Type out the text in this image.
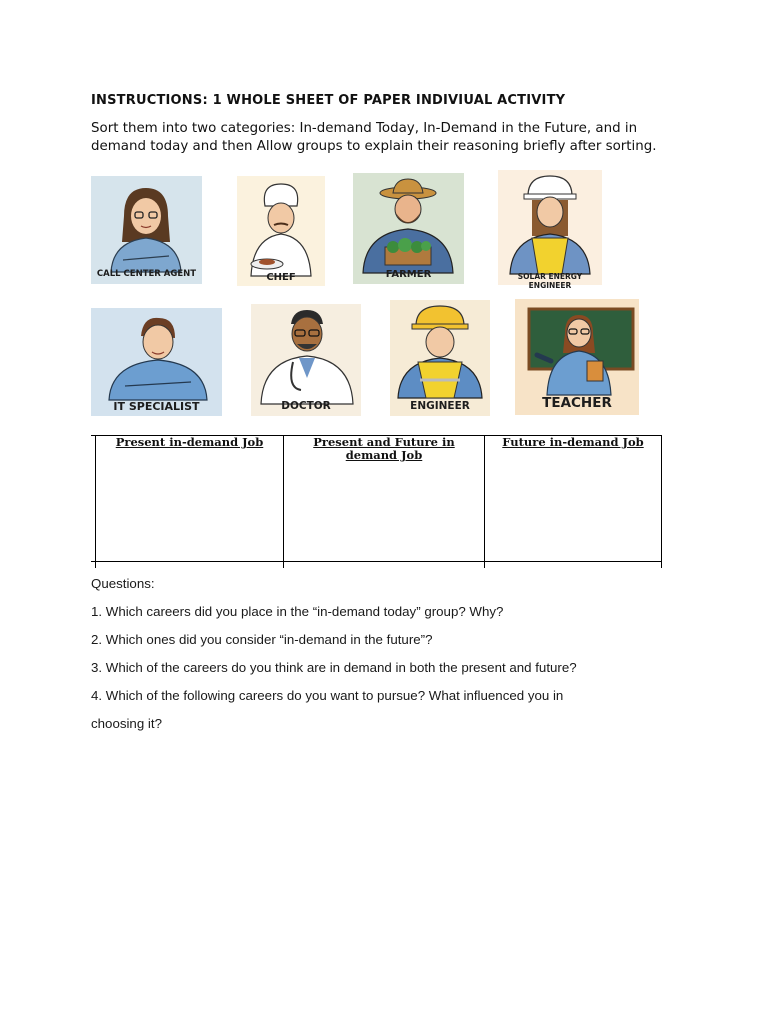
INSTRUCTIONS: 1 WHOLE SHEET OF PAPER INDIVIUAL ACTIVITY
Sort them into two categories: In-demand Today, In-Demand in the Future, and in demand today and then Allow groups to explain their reasoning briefly after sorting.
CALL CENTER AGENT	CHEF	FARMER	SOLAR ENERGY ENGINEER
IT SPECIALIST	DOCTOR	ENGINEER	TEACHER
Present in-demand Job	Present and Future in demand Job	Future in-demand Job

Questions:
1. Which careers did you place in the “in-demand today” group? Why?
2. Which ones did you consider “in-demand in the future”?
3. Which of the careers do you think are in demand in both the present and future?
4. Which of the following careers do you want to pursue? What influenced you in
choosing it?
